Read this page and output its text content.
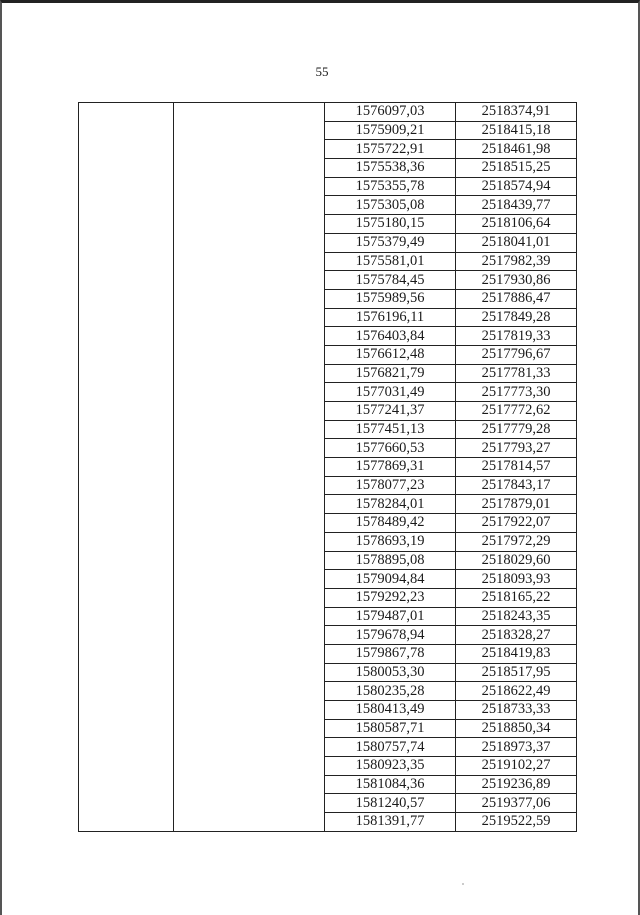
55
		1576097,03	2518374,91
		1575909,21	2518415,18
		1575722,91	2518461,98
		1575538,36	2518515,25
		1575355,78	2518574,94
		1575305,08	2518439,77
		1575180,15	2518106,64
		1575379,49	2518041,01
		1575581,01	2517982,39
		1575784,45	2517930,86
		1575989,56	2517886,47
		1576196,11	2517849,28
		1576403,84	2517819,33
		1576612,48	2517796,67
		1576821,79	2517781,33
		1577031,49	2517773,30
		1577241,37	2517772,62
		1577451,13	2517779,28
		1577660,53	2517793,27
		1577869,31	2517814,57
		1578077,23	2517843,17
		1578284,01	2517879,01
		1578489,42	2517922,07
		1578693,19	2517972,29
		1578895,08	2518029,60
		1579094,84	2518093,93
		1579292,23	2518165,22
		1579487,01	2518243,35
		1579678,94	2518328,27
		1579867,78	2518419,83
		1580053,30	2518517,95
		1580235,28	2518622,49
		1580413,49	2518733,33
		1580587,71	2518850,34
		1580757,74	2518973,37
		1580923,35	2519102,27
		1581084,36	2519236,89
		1581240,57	2519377,06
		1581391,77	2519522,59
